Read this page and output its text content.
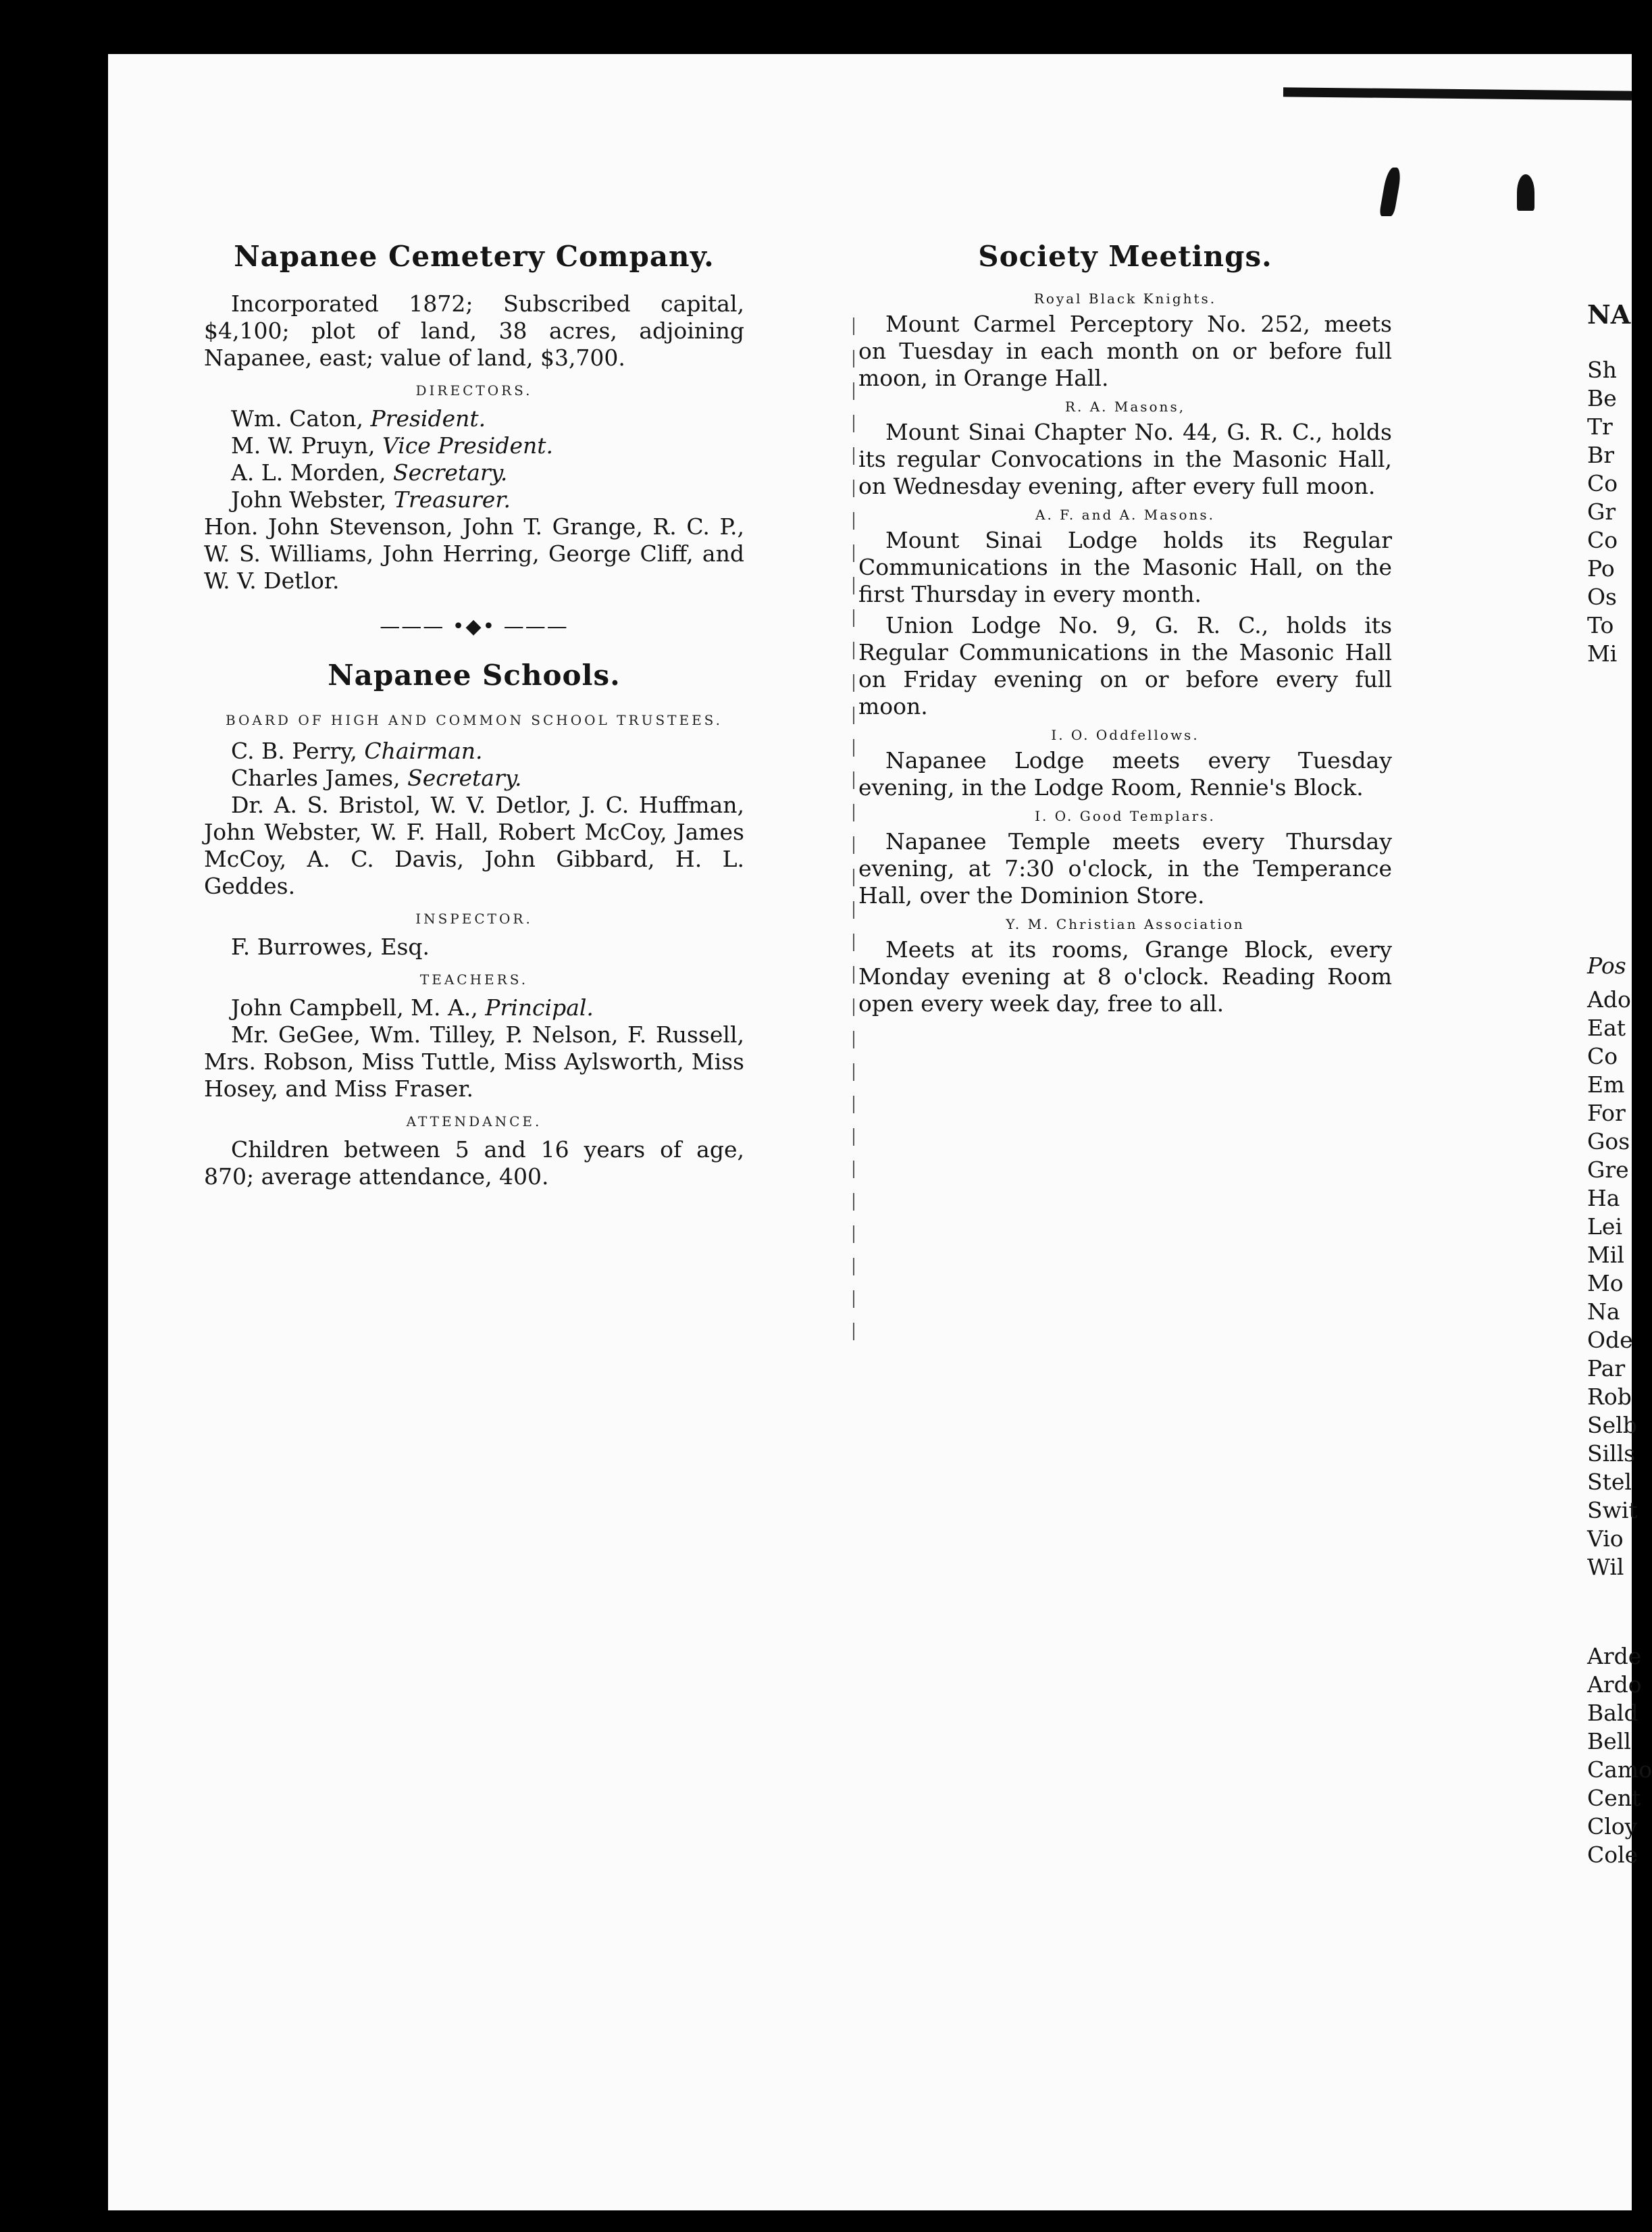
Napanee Cemetery Company.

Incorporated 1872; Subscribed capital, $4,100; plot of land, 38 acres, adjoining Napanee, east; value of land, $3,700.

DIRECTORS.
Wm. Caton, President.
M. W. Pruyn, Vice President.
A. L. Morden, Secretary.
John Webster, Treasurer.

Hon. John Stevenson, John T. Grange, R. C. P., W. S. Williams, John Herring, George Cliff, and W. V. Detlor.

——— •◆• ———
Napanee Schools.
BOARD OF HIGH AND COMMON SCHOOL TRUSTEES.
C. B. Perry, Chairman.
Charles James, Secretary.

Dr. A. S. Bristol, W. V. Detlor, J. C. Huffman, John Webster, W. F. Hall, Robert McCoy, James McCoy, A. C. Davis, John Gibbard, H. L. Geddes.

INSPECTOR.
F. Burrowes, Esq.
TEACHERS.
John Campbell, M. A., Principal.

Mr. GeGee, Wm. Tilley, P. Nelson, F. Russell, Mrs. Robson, Miss Tuttle, Miss Aylsworth, Miss Hosey, and Miss Fraser.

ATTENDANCE.

Children between 5 and 16 years of age, 870; average attendance, 400.

Society Meetings.
Royal Black Knights.

Mount Carmel Perceptory No. 252, meets on Tuesday in each month on or before full moon, in Orange Hall.

R. A. Masons,

Mount Sinai Chapter No. 44, G. R. C., holds its regular Convocations in the Masonic Hall, on Wednesday evening, after every full moon.

A. F. and A. Masons.

Mount Sinai Lodge holds its Regular Communications in the Masonic Hall, on the first Thursday in every month.

Union Lodge No. 9, G. R. C., holds its Regular Communications in the Masonic Hall on Friday evening on or before every full moon.

I. O. Oddfellows.

Napanee Lodge meets every Tuesday evening, in the Lodge Room, Rennie's Block.

I. O. Good Templars.

Napanee Temple meets every Thursday evening, at 7:30 o'clock, in the Temperance Hall, over the Dominion Store.

Y. M. Christian Association

Meets at its rooms, Grange Block, every Monday evening at 8 o'clock. Reading Room open every week day, free to all.

NA
Sh
Be
Tr
Br
Co
Gr
Co
Po
Os
To
Mi
Pos
Ado
Eat
Co
Em
For
Gos
Gre
Ha
Lei
Mil
Mo
Na
Ode
Par
Rob
Selb
Sills
Stel
Swit
Vio
Wil
Arde
Ardo
Bald
Bell
Camo
Cent
Cloy
Cole
